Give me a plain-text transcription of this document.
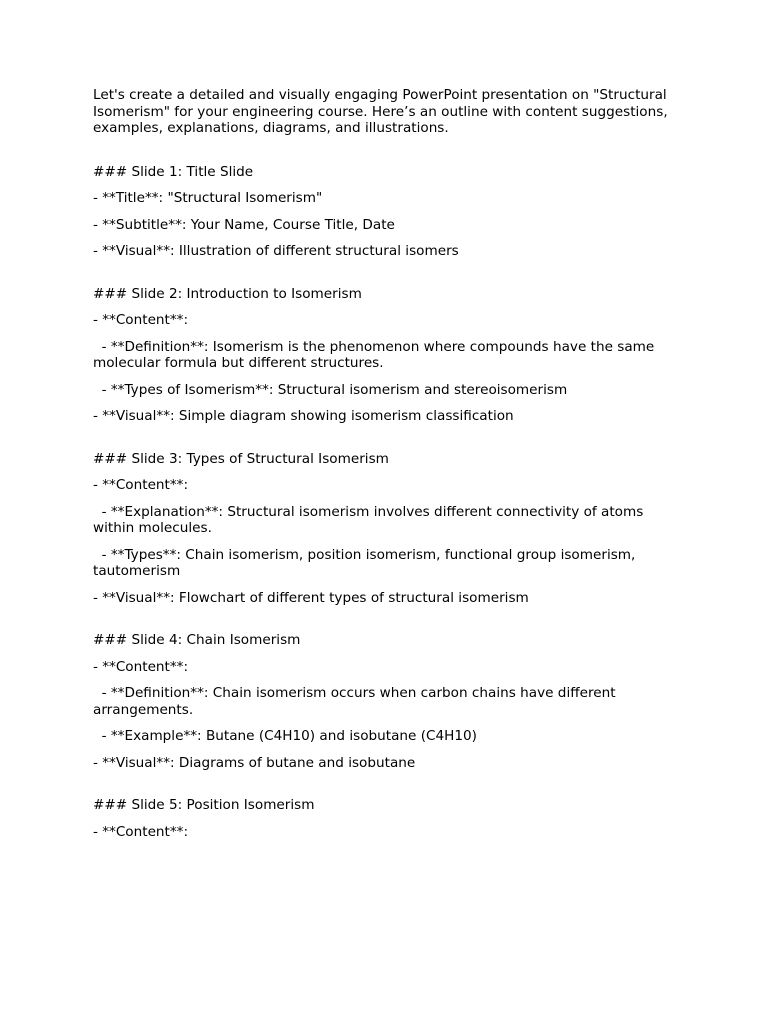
Let's create a detailed and visually engaging PowerPoint presentation on "Structural Isomerism" for your engineering course. Here’s an outline with content suggestions, examples, explanations, diagrams, and illustrations.

### Slide 1: Title Slide

- **Title**: "Structural Isomerism"

- **Subtitle**: Your Name, Course Title, Date

- **Visual**: Illustration of different structural isomers

### Slide 2: Introduction to Isomerism

- **Content**:

- **Definition**: Isomerism is the phenomenon where compounds have the same molecular formula but different structures.

- **Types of Isomerism**: Structural isomerism and stereoisomerism

- **Visual**: Simple diagram showing isomerism classification

### Slide 3: Types of Structural Isomerism

- **Content**:

- **Explanation**: Structural isomerism involves different connectivity of atoms within molecules.

- **Types**: Chain isomerism, position isomerism, functional group isomerism, tautomerism

- **Visual**: Flowchart of different types of structural isomerism

### Slide 4: Chain Isomerism

- **Content**:

- **Definition**: Chain isomerism occurs when carbon chains have different arrangements.

- **Example**: Butane (C4H10) and isobutane (C4H10)

- **Visual**: Diagrams of butane and isobutane

### Slide 5: Position Isomerism

- **Content**:
